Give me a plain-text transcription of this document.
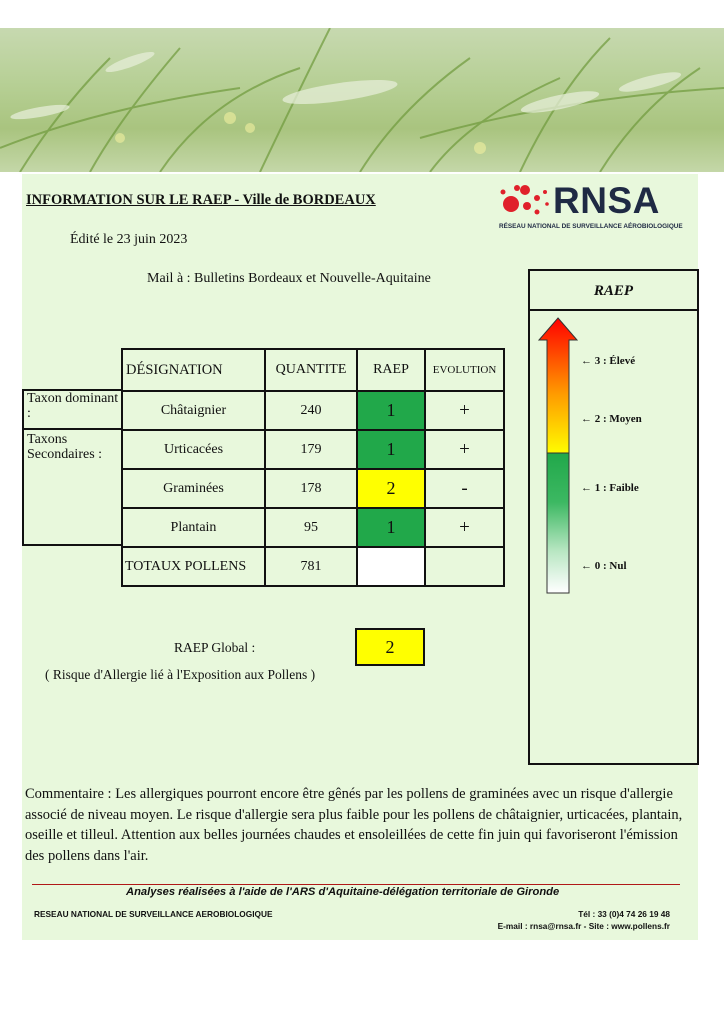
INFORMATION SUR LE RAEP - Ville de BORDEAUX
Édité le 23 juin 2023
Mail à : Bulletins Bordeaux et Nouvelle-Aquitaine
RNSA
RÉSEAU NATIONAL DE SURVEILLANCE AÉROBIOLOGIQUE
Taxon dominant :
Taxons Secondaires :
DÉSIGNATION	QUANTITE	RAEP	EVOLUTION
Châtaignier	240	1	+
Urticacées	179	1	+
Graminées	178	2	-
Plantain	95	1	+
TOTAUX POLLENS	781		
RAEP Global :	2
( Risque d'Allergie lié à l'Exposition aux Pollens )
RAEP
← 3 : Élevé
← 2 : Moyen
← 1 : Faible
← 0 : Nul
Commentaire : Les allergiques pourront encore être gênés par les pollens de graminées avec un risque d'allergie associé de niveau moyen. Le risque d'allergie sera plus faible pour les pollens de châtaignier, urticacées, plantain, oseille et tilleul. Attention aux belles journées chaudes et ensoleillées de cette fin juin qui favoriseront l'émission des pollens dans l'air.
Analyses réalisées à l'aide de l'ARS d'Aquitaine-délégation territoriale de Gironde
RESEAU NATIONAL DE SURVEILLANCE AEROBIOLOGIQUE	Tél : 33 (0)4 74 26 19 48
E-mail : rnsa@rnsa.fr - Site : www.pollens.fr
